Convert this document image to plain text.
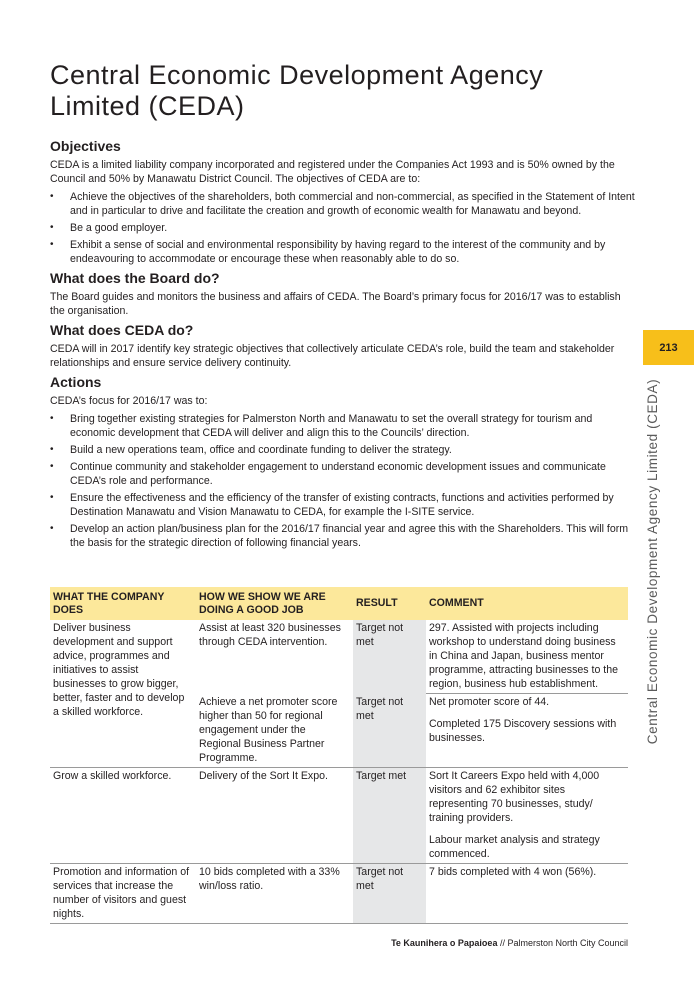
Central Economic Development Agency Limited (CEDA)
Objectives

CEDA is a limited liability company incorporated and registered under the Companies Act 1993 and is 50% owned by the Council and 50% by Manawatu District Council. The objectives of CEDA are to:

• Achieve the objectives of the shareholders, both commercial and non-commercial, as specified in the Statement of Intent and in particular to drive and facilitate the creation and growth of economic wealth for Manawatu and beyond.
• Be a good employer.
• Exhibit a sense of social and environmental responsibility by having regard to the interest of the community and by endeavouring to accommodate or encourage these when reasonably able to do so.
What does the Board do?

The Board guides and monitors the business and affairs of CEDA. The Board’s primary focus for 2016/17 was to establish the organisation.

What does CEDA do?

CEDA will in 2017 identify key strategic objectives that collectively articulate CEDA’s role, build the team and stakeholder relationships and ensure service delivery continuity.

Actions

CEDA’s focus for 2016/17 was to:

• Bring together existing strategies for Palmerston North and Manawatu to set the overall strategy for tourism and economic development that CEDA will deliver and align this to the Councils’ direction.
• Build a new operations team, office and coordinate funding to deliver the strategy.
• Continue community and stakeholder engagement to understand economic development issues and communicate CEDA’s role and performance.
• Ensure the effectiveness and the efficiency of the transfer of existing contracts, functions and activities performed by Destination Manawatu and Vision Manawatu to CEDA, for example the I-SITE service.
• Develop an action plan/business plan for the 2016/17 financial year and agree this with the Shareholders. This will form the basis for the strategic direction of following financial years.
WHAT THE COMPANY DOES	HOW WE SHOW WE ARE DOING A GOOD JOB	RESULT	COMMENT
Deliver business development and support advice, programmes and initiatives to assist businesses to grow bigger, better, faster and to develop a skilled workforce.	Assist at least 320 businesses through CEDA intervention.	Target not met	297. Assisted with projects including workshop to understand doing business in China and Japan, business mentor programme, attracting businesses to the region, business hub establishment.
	Achieve a net promoter score higher than 50 for regional engagement under the Regional Business Partner Programme.	Target not met	Net promoter score of 44.
Completed 175 Discovery sessions with businesses.
Grow a skilled workforce.	Delivery of the Sort It Expo.	Target met	Sort It Careers Expo held with 4,000 visitors and 62 exhibitor sites representing 70 businesses, study/ training providers.
Labour market analysis and strategy commenced.
Promotion and information of services that increase the number of visitors and guest nights.	10 bids completed with a 33% win/loss ratio.	Target not met	7 bids completed with 4 won (56%).
213
Central Economic Development Agency Limited (CEDA)
Te Kaunihera o Papaioea // Palmerston North City Council
